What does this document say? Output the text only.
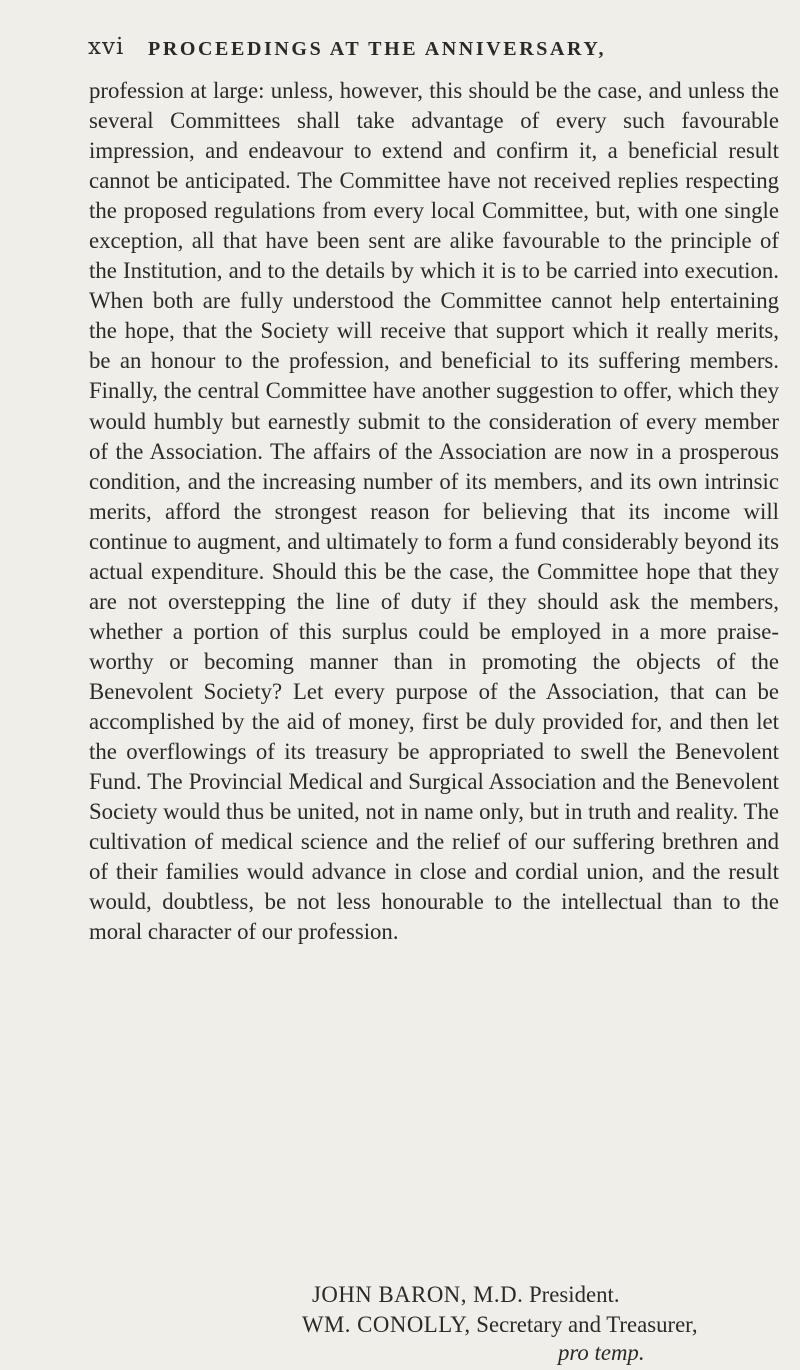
xvi PROCEEDINGS AT THE ANNIVERSARY,

profession at large: unless, however, this should be the case, and unless the several Committees shall take advantage of every such favourable impression, and endeavour to extend and confirm it, a beneficial result cannot be anticipated. The Committee have not received replies respecting the proposed regulations from every local Committee, but, with one single exception, all that have been sent are alike favourable to the principle of the Institution, and to the details by which it is to be carried into execution. When both are fully understood the Committee cannot help entertaining the hope, that the Society will receive that support which it really merits, be an honour to the profession, and beneficial to its suffering members. Finally, the central Committee have another suggestion to offer, which they would humbly but earnestly submit to the consideration of every member of the Association. The affairs of the Association are now in a prosperous condition, and the increasing number of its members, and its own intrinsic merits, afford the strongest reason for believing that its income will continue to augment, and ultimately to form a fund considerably beyond its actual expenditure. Should this be the case, the Committee hope that they are not overstepping the line of duty if they should ask the members, whether a portion of this surplus could be employed in a more praise-worthy or becoming manner than in promoting the objects of the Benevolent Society? Let every purpose of the Association, that can be accomplished by the aid of money, first be duly provided for, and then let the overflowings of its treasury be appropriated to swell the Benevolent Fund. The Provincial Medical and Surgical Association and the Benevolent Society would thus be united, not in name only, but in truth and reality. The cultivation of medical science and the relief of our suffering brethren and of their families would advance in close and cordial union, and the result would, doubtless, be not less honourable to the intellectual than to the moral character of our profession.

JOHN BARON, M.D. President.
WM. CONOLLY, Secretary and Treasurer,
pro temp.
